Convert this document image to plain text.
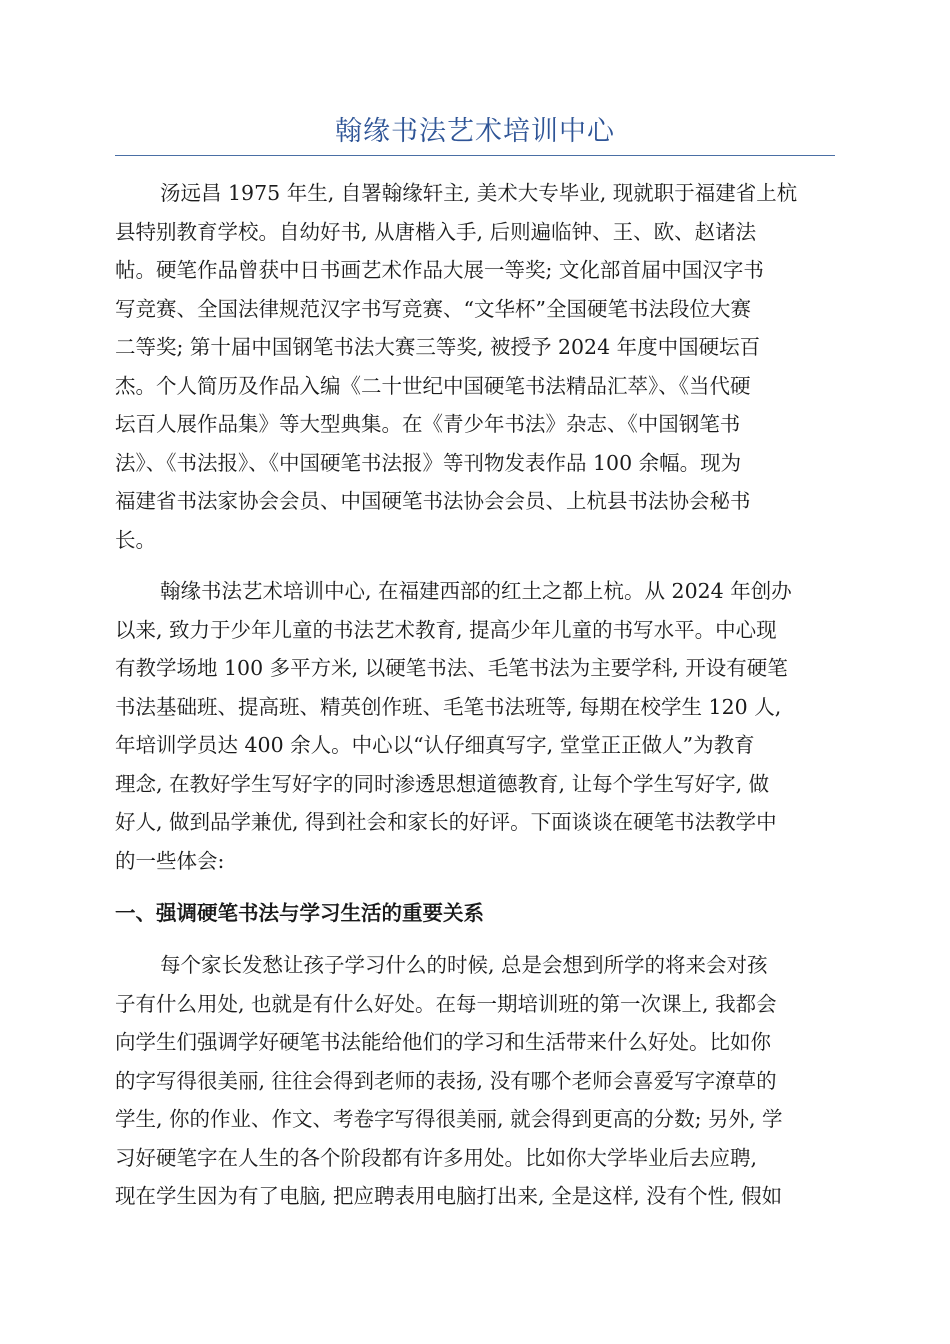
翰缘书法艺术培训中心
汤远昌 1975 年生, 自署翰缘轩主, 美术大专毕业, 现就职于福建省上杭
县特别教育学校。自幼好书, 从唐楷入手, 后则遍临钟、王、欧、赵诸法
帖。硬笔作品曾获中日书画艺术作品大展一等奖; 文化部首届中国汉字书
写竞赛、全国法律规范汉字书写竞赛、“文华杯”全国硬笔书法段位大赛
二等奖; 第十届中国钢笔书法大赛三等奖, 被授予 2024 年度中国硬坛百
杰。个人简历及作品入编《二十世纪中国硬笔书法精品汇萃》、《当代硬
坛百人展作品集》等大型典集。在《青少年书法》杂志、《中国钢笔书
法》、《书法报》、《中国硬笔书法报》等刊物发表作品 100 余幅。现为
福建省书法家协会会员、中国硬笔书法协会会员、上杭县书法协会秘书
长。
翰缘书法艺术培训中心, 在福建西部的红土之都上杭。从 2024 年创办
以来, 致力于少年儿童的书法艺术教育, 提高少年儿童的书写水平。中心现
有教学场地 100 多平方米, 以硬笔书法、毛笔书法为主要学科, 开设有硬笔
书法基础班、提高班、精英创作班、毛笔书法班等, 每期在校学生 120 人,
年培训学员达 400 余人。中心以“认仔细真写字, 堂堂正正做人”为教育
理念, 在教好学生写好字的同时渗透思想道德教育, 让每个学生写好字, 做
好人, 做到品学兼优, 得到社会和家长的好评。下面谈谈在硬笔书法教学中
的一些体会:
一、强调硬笔书法与学习生活的重要关系
每个家长发愁让孩子学习什么的时候, 总是会想到所学的将来会对孩
子有什么用处, 也就是有什么好处。在每一期培训班的第一次课上, 我都会
向学生们强调学好硬笔书法能给他们的学习和生活带来什么好处。比如你
的字写得很美丽, 往往会得到老师的表扬, 没有哪个老师会喜爱写字潦草的
学生, 你的作业、作文、考卷字写得很美丽, 就会得到更高的分数; 另外, 学
习好硬笔字在人生的各个阶段都有许多用处。比如你大学毕业后去应聘,
现在学生因为有了电脑, 把应聘表用电脑打出来, 全是这样, 没有个性, 假如
